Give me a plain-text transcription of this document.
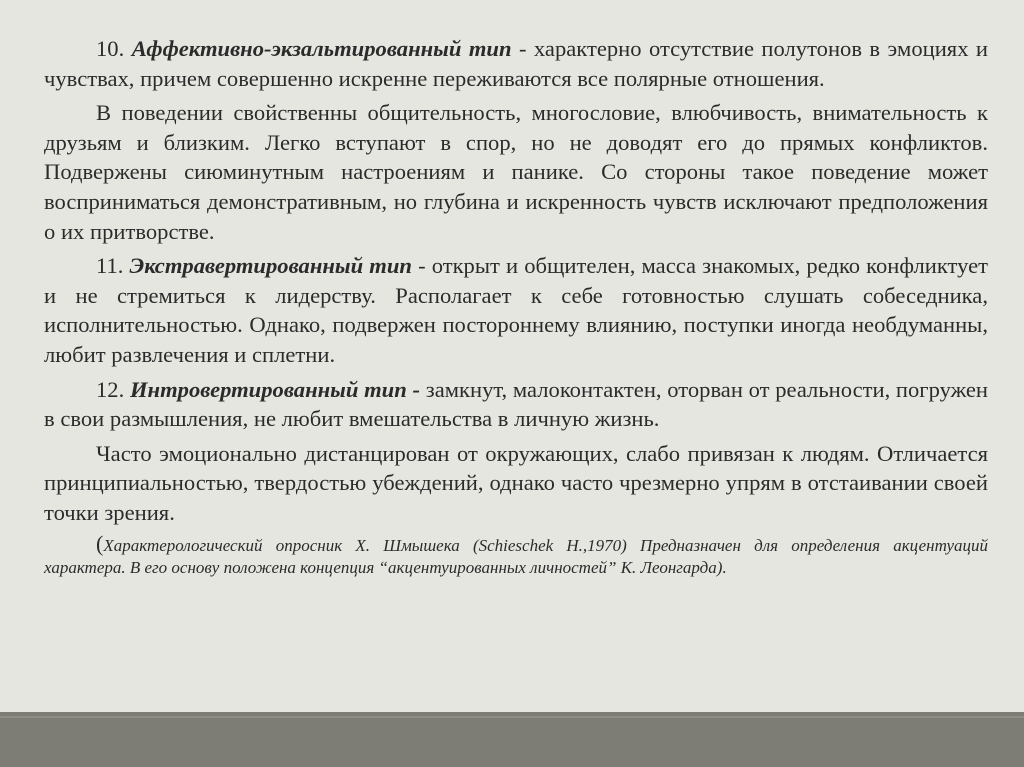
10. Аффективно-экзальтированный тип - характерно отсутствие полутонов в эмоциях и чувствах, причем совершенно искренне переживаются все полярные отношения.

В поведении свойственны общительность, многословие, влюбчивость, внимательность к друзьям и близким. Легко вступают в спор, но не доводят его до прямых конфликтов. Подвержены сиюминутным настроениям и панике. Со стороны такое поведение может восприниматься демонстративным, но глубина и искренность чувств исключают предположения о их притворстве.

11. Экстравертированный тип - открыт и общителен, масса знакомых, редко конфликтует и не стремиться к лидерству. Располагает к себе готовностью слушать собеседника, исполнительностью. Однако, подвержен постороннему влиянию, поступки иногда необдуманны, любит развлечения и сплетни.

12. Интровертированный тип - замкнут, малоконтактен, оторван от реальности, погружен в свои размышления, не любит вмешательства в личную жизнь.

Часто эмоционально дистанцирован от окружающих, слабо привязан к людям. Отличается принципиальностью, твердостью убеждений, однако часто чрезмерно упрям в отстаивании своей точки зрения.

(Характерологический опросник Х. Шмышека (Schieschek H.,1970) Предназначен для определения акцентуаций характера. В его основу положена концепция “акцентуированных личностей” К. Леонгарда).
